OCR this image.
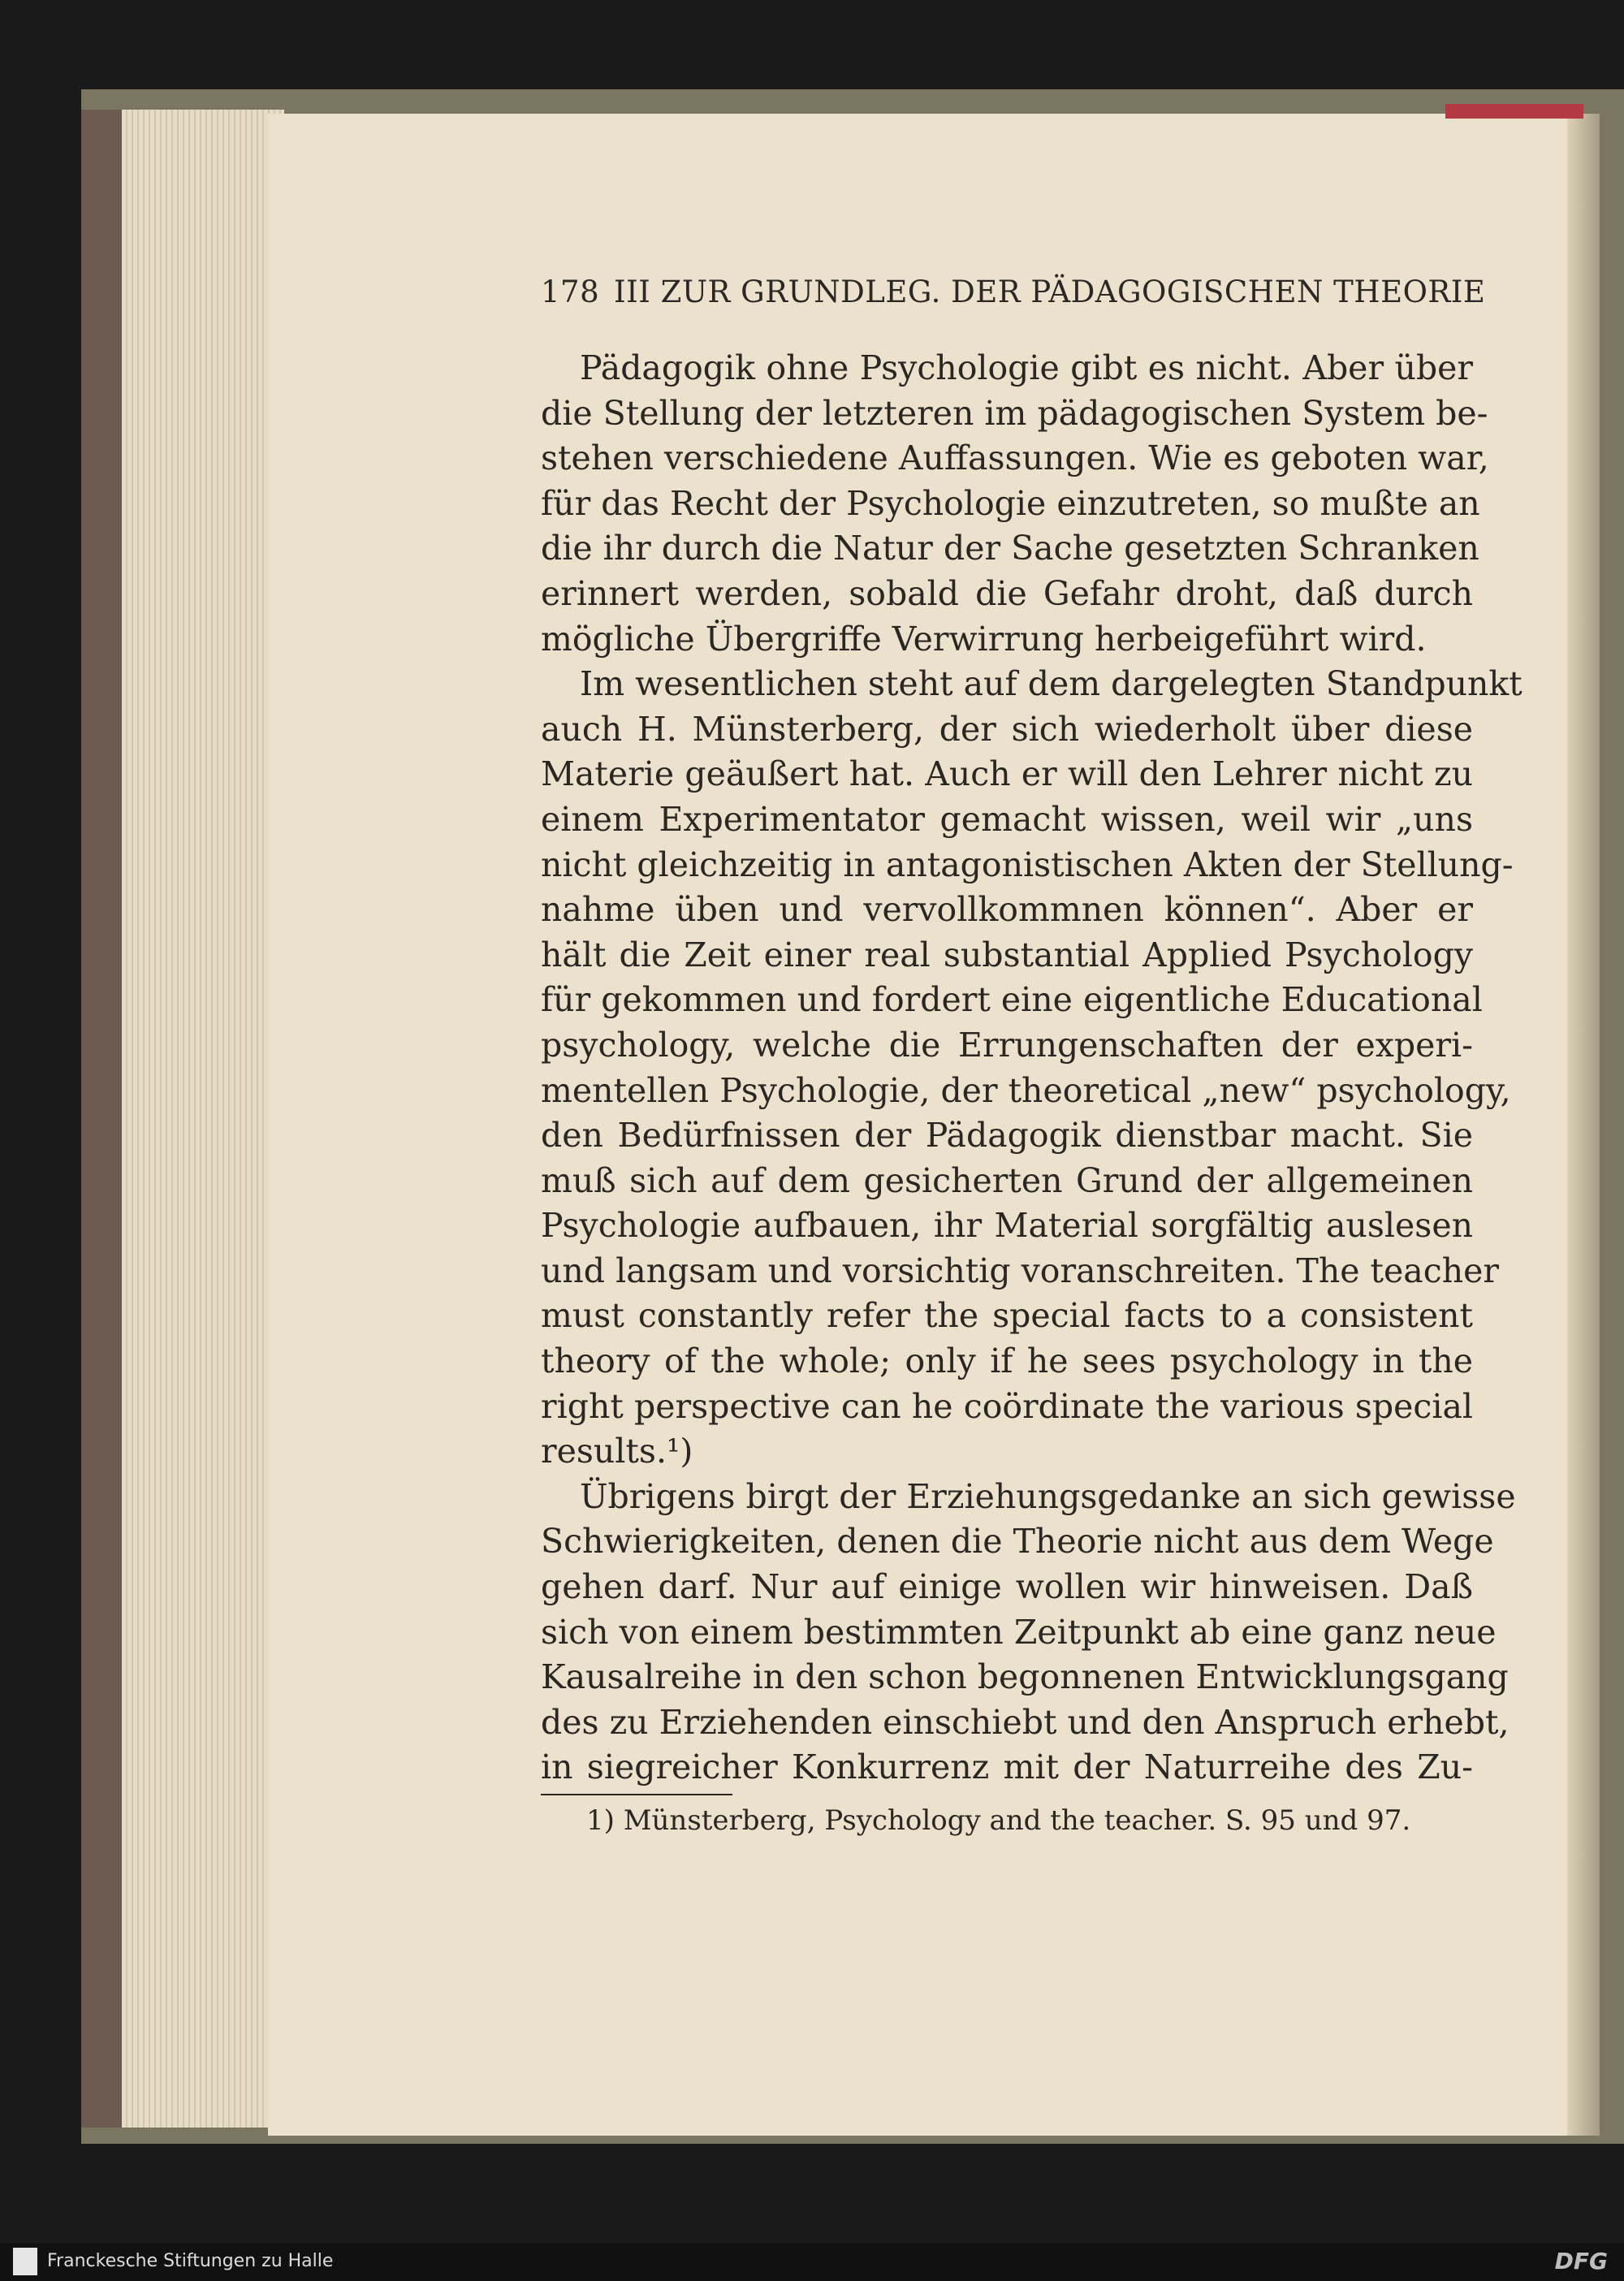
178 III ZUR GRUNDLEG. DER PÄDAGOGISCHEN THEORIE
Pädagogik ohne Psychologie gibt es nicht. Aber über
die Stellung der letzteren im pädagogischen System be-
stehen verschiedene Auffassungen. Wie es geboten war,
für das Recht der Psychologie einzutreten, so mußte an
die ihr durch die Natur der Sache gesetzten Schranken
erinnert werden, sobald die Gefahr droht, daß durch
mögliche Übergriffe Verwirrung herbeigeführt wird.
Im wesentlichen steht auf dem dargelegten Standpunkt
auch H. Münsterberg, der sich wiederholt über diese
Materie geäußert hat. Auch er will den Lehrer nicht zu
einem Experimentator gemacht wissen, weil wir „uns
nicht gleichzeitig in antagonistischen Akten der Stellung-
nahme üben und vervollkommnen können“. Aber er
hält die Zeit einer real substantial Applied Psychology
für gekommen und fordert eine eigentliche Educational
psychology, welche die Errungenschaften der experi-
mentellen Psychologie, der theoretical „new“ psychology,
den Bedürfnissen der Pädagogik dienstbar macht. Sie
muß sich auf dem gesicherten Grund der allgemeinen
Psychologie aufbauen, ihr Material sorgfältig auslesen
und langsam und vorsichtig voranschreiten. The teacher
must constantly refer the special facts to a consistent
theory of the whole; only if he sees psychology in the
right perspective can he coördinate the various special
results.¹)
Übrigens birgt der Erziehungsgedanke an sich gewisse
Schwierigkeiten, denen die Theorie nicht aus dem Wege
gehen darf. Nur auf einige wollen wir hinweisen. Daß
sich von einem bestimmten Zeitpunkt ab eine ganz neue
Kausalreihe in den schon begonnenen Entwicklungsgang
des zu Erziehenden einschiebt und den Anspruch erhebt,
in siegreicher Konkurrenz mit der Naturreihe des Zu-
1) Münsterberg, Psychology and the teacher. S. 95 und 97.
Franckesche Stiftungen zu Halle	DFG
